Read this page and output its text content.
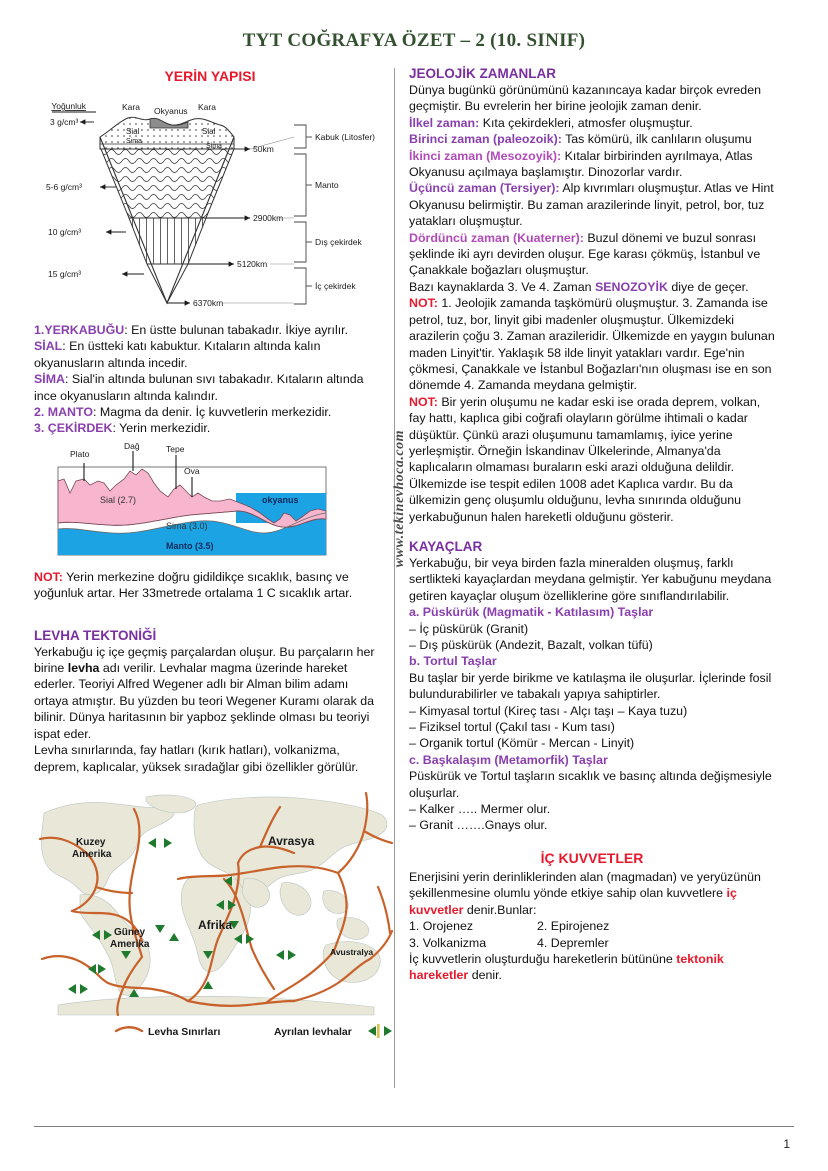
TYT COĞRAFYA ÖZET – 2 (10. SINIF)
www.tekinevhoca.com
YERİN YAPISI
Yoğunluk
3 g/cm³
5-6 g/cm³
10 g/cm³
15 g/cm³
Kara Okyanus Kara
Sial	Sial
Sima
Sima	50km
2900km
5120km
6370km
Kabuk (Litosfer)
Manto
Dış çekirdek
İç çekirdek

1.YERKABUĞU: En üstte bulunan tabakadır. İkiye ayrılır.

SİAL: En üstteki katı kabuktur. Kıtaların altında kalın okyanusların altında incedir.

SİMA: Sial'in altında bulunan sıvı tabakadır. Kıtaların altında ince okyanusların altında kalındır.

2. MANTO: Magma da denir. İç kuvvetlerin merkezidir.

3. ÇEKİRDEK: Yerin merkezidir.

Plato
Dağ	Tepe
Ova
Sial (2.7)
Sima (3.0)
Manto (3.5)
okyanus

NOT: Yerin merkezine doğru gidildikçe sıcaklık, basınç ve yoğunluk artar. Her 33metrede ortalama 1 C sıcaklık artar.

LEVHA TEKTONİĞİ

Yerkabuğu iç içe geçmiş parçalardan oluşur. Bu parçaların her birine levha adı verilir. Levhalar magma üzerinde hareket ederler. Teoriyi Alfred Wegener adlı bir Alman bilim adamı ortaya atmıştır. Bu yüzden bu teori Wegener Kuramı olarak da bilinir. Dünya haritasının bir yapboz şeklinde olması bu teoriyi ispat eder.

Levha sınırlarında, fay hatları (kırık hatları), volkanizma, deprem, kaplıcalar, yüksek sıradağlar gibi özellikler görülür.

Kuzey
Amerika
Avrasya
Afrika
Güney
Amerika
Avustralya
Levha Sınırları	Ayrılan levhalar
JEOLOJİK ZAMANLAR

Dünya bugünkü görünümünü kazanıncaya kadar birçok evreden geçmiştir. Bu evrelerin her birine jeolojik zaman denir.

İlkel zaman: Kıta çekirdekleri, atmosfer oluşmuştur.

Birinci zaman (paleozoik): Tas kömürü, ilk canlıların oluşumu

İkinci zaman (Mesozoyik): Kıtalar birbirinden ayrılmaya, Atlas Okyanusu açılmaya başlamıştır. Dinozorlar vardır.

Üçüncü zaman (Tersiyer): Alp kıvrımları oluşmuştur. Atlas ve Hint Okyanusu belirmiştir. Bu zaman arazilerinde linyit, petrol, bor, tuz yatakları oluşmuştur.

Dördüncü zaman (Kuaterner): Buzul dönemi ve buzul sonrası şeklinde iki ayrı devirden oluşur. Ege karası çökmüş, İstanbul ve Çanakkale boğazları oluşmuştur.

Bazı kaynaklarda 3. Ve 4. Zaman SENOZOYİK diye de geçer.

NOT: 1. Jeolojik zamanda taşkömürü oluşmuştur. 3. Zamanda ise petrol, tuz, bor, linyit gibi madenler oluşmuştur. Ülkemizdeki arazilerin çoğu 3. Zaman arazileridir. Ülkemizde en yaygın bulunan maden Linyit'tir. Yaklaşık 58 ilde linyit yatakları vardır. Ege'nin çökmesi, Çanakkale ve İstanbul Boğazları'nın oluşması ise en son dönemde 4. Zamanda meydana gelmiştir.

NOT: Bir yerin oluşumu ne kadar eski ise orada deprem, volkan, fay hattı, kaplıca gibi coğrafi olayların görülme ihtimali o kadar düşüktür. Çünkü arazi oluşumunu tamamlamış, iyice yerine yerleşmiştir. Örneğin İskandinav Ülkelerinde, Almanya'da kaplıcaların olmaması buraların eski arazi olduğuna delildir. Ülkemizde ise tespit edilen 1008 adet Kaplıca vardır. Bu da ülkemizin genç oluşumlu olduğunu, levha sınırında olduğunu yerkabuğunun halen hareketli olduğunu gösterir.

KAYAÇLAR

Yerkabuğu, bir veya birden fazla mineralden oluşmuş, farklı sertlikteki kayaçlardan meydana gelmiştir. Yer kabuğunu meydana getiren kayaçlar oluşum özelliklerine göre sınıflandırılabilir.

a. Püskürük (Magmatik - Katılasım) Taşlar

– İç püskürük (Granit)

– Dış püskürük (Andezit, Bazalt, volkan tüfü)

b. Tortul Taşlar

Bu taşlar bir yerde birikme ve katılaşma ile oluşurlar. İçlerinde fosil bulundurabilirler ve tabakalı yapıya sahiptirler.

– Kimyasal tortul (Kireç tası - Alçı taşı – Kaya tuzu)

– Fiziksel tortul (Çakıl tası - Kum tası)

– Organik tortul (Kömür - Mercan - Linyit)

c. Başkalaşım (Metamorfik) Taşlar

Püskürük ve Tortul taşların sıcaklık ve basınç altında değişmesiyle oluşurlar.

– Kalker ….. Mermer olur.

– Granit …….Gnays olur.

İÇ KUVVETLER

Enerjisini yerin derinliklerinden alan (magmadan) ve yeryüzünün şekillenmesine olumlu yönde etkiye sahip olan kuvvetlere iç kuvvetler denir.Bunlar:

1. Orojenez	2. Epirojenez
3. Volkanizma	4. Depremler

İç kuvvetlerin oluşturduğu hareketlerin bütününe tektonik hareketler denir.

1
